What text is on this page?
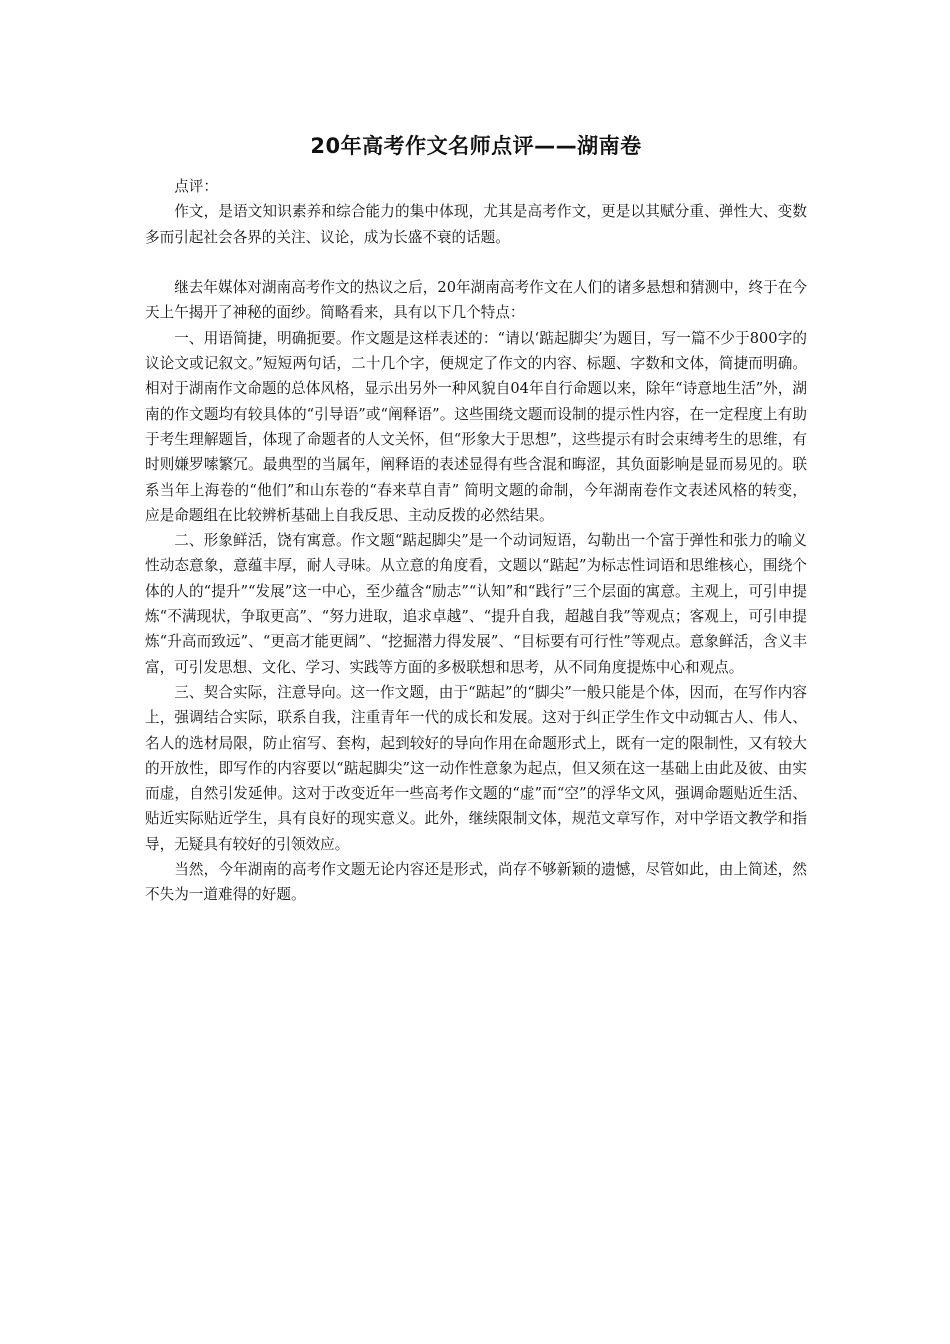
20年高考作文名师点评——湖南卷

点评：

作文，是语文知识素养和综合能力的集中体现，尤其是高考作文，更是以其赋分重、弹性大、变数多而引起社会各界的关注、议论，成为长盛不衰的话题。

继去年媒体对湖南高考作文的热议之后，20年湖南高考作文在人们的诸多悬想和猜测中，终于在今天上午揭开了神秘的面纱。简略看来，具有以下几个特点：

一、用语简捷，明确扼要。作文题是这样表述的：“请以‘踮起脚尖’为题目，写一篇不少于800字的议论文或记叙文。”短短两句话，二十几个字，便规定了作文的内容、标题、字数和文体，简捷而明确。相对于湖南作文命题的总体风格，显示出另外一种风貌自04年自行命题以来，除年“诗意地生活”外，湖南的作文题均有较具体的“引导语”或“阐释语”。这些围绕文题而设制的提示性内容，在一定程度上有助于考生理解题旨，体现了命题者的人文关怀，但“形象大于思想”，这些提示有时会束缚考生的思维，有时则嫌罗嗦繁冗。最典型的当属年，阐释语的表述显得有些含混和晦涩，其负面影响是显而易见的。联系当年上海卷的“他们”和山东卷的“春来草自青” 简明文题的命制，今年湖南卷作文表述风格的转变，应是命题组在比较辨析基础上自我反思、主动反拨的必然结果。

二、形象鲜活，饶有寓意。作文题“踮起脚尖”是一个动词短语，勾勒出一个富于弹性和张力的喻义性动态意象，意蕴丰厚，耐人寻味。从立意的角度看，文题以“踮起”为标志性词语和思维核心，围绕个体的人的“提升”“发展”这一中心，至少蕴含“励志”“认知”和“践行”三个层面的寓意。主观上，可引申提炼“不满现状，争取更高”、“努力进取，追求卓越”、“提升自我，超越自我”等观点；客观上，可引申提炼“升高而致远”、“更高才能更阔”、“挖掘潜力得发展”、“目标要有可行性”等观点。意象鲜活，含义丰富，可引发思想、文化、学习、实践等方面的多极联想和思考，从不同角度提炼中心和观点。

三、契合实际，注意导向。这一作文题，由于“踮起”的“脚尖”一般只能是个体，因而，在写作内容上，强调结合实际，联系自我，注重青年一代的成长和发展。这对于纠正学生作文中动辄古人、伟人、名人的选材局限，防止宿写、套构，起到较好的导向作用在命题形式上，既有一定的限制性，又有较大的开放性，即写作的内容要以“踮起脚尖”这一动作性意象为起点，但又须在这一基础上由此及彼、由实而虚，自然引发延伸。这对于改变近年一些高考作文题的“虚”而“空”的浮华文风，强调命题贴近生活、贴近实际贴近学生，具有良好的现实意义。此外，继续限制文体，规范文章写作，对中学语文教学和指导，无疑具有较好的引领效应。

当然，今年湖南的高考作文题无论内容还是形式，尚存不够新颖的遗憾，尽管如此，由上简述，然不失为一道难得的好题。
